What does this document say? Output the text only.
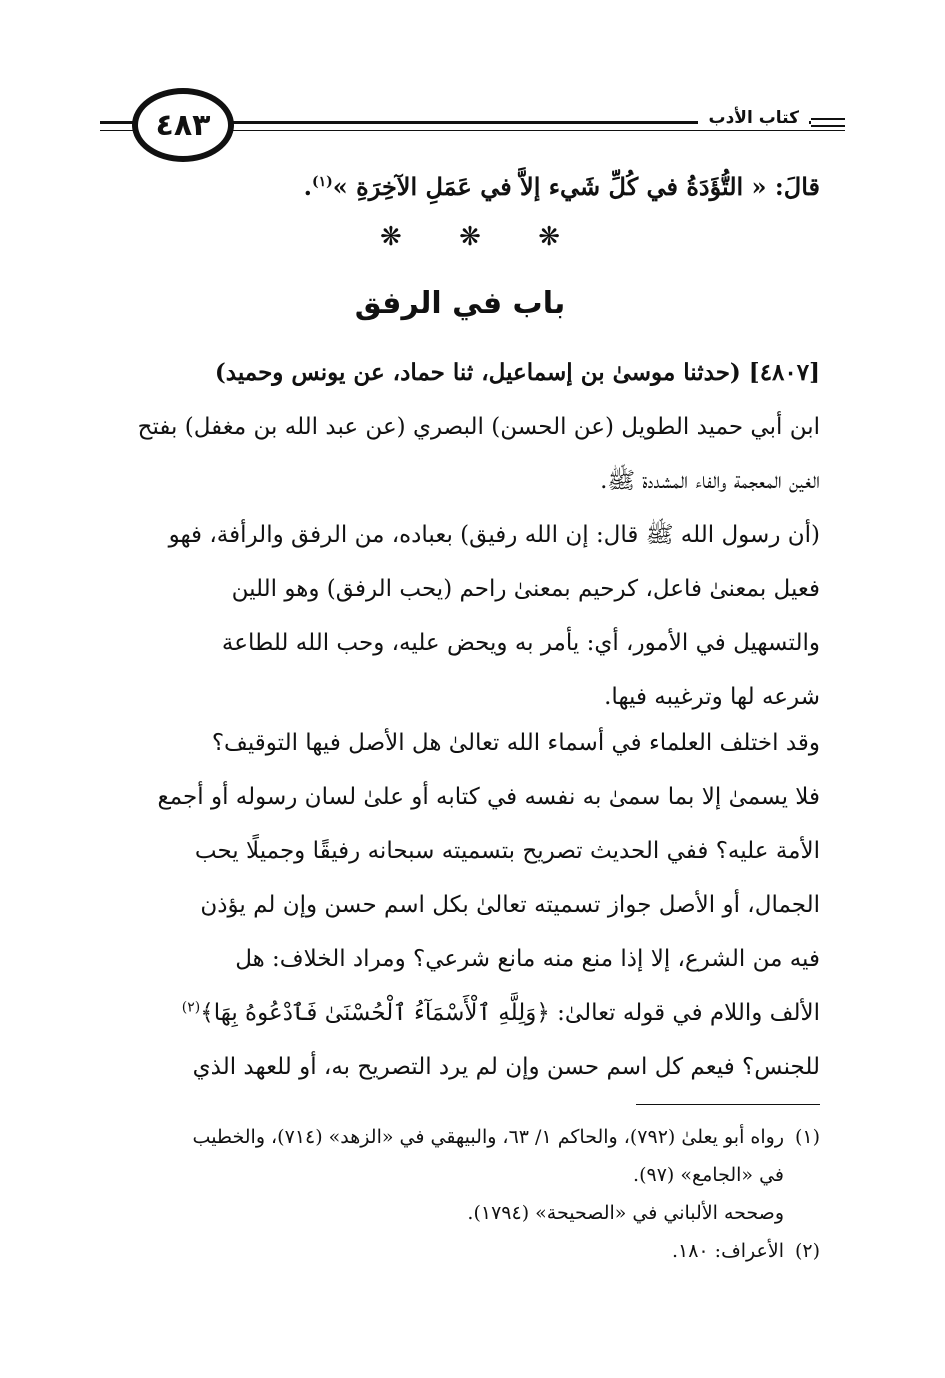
٤٨٣	كتاب الأدب
قالَ: « التُّؤَدَةُ في كُلِّ شَيء إلاَّ في عَمَلِ الآخِرَةِ »$^{(١)}$.
❋
❋
❋
باب في الرفق
[٤٨٠٧] (حدثنا موسىٰ بن إسماعيل، ثنا حماد، عن يونس وحميد)
ابن أبي حميد الطويل (عن الحسن) البصري (عن عبد الله بن مغفل) بفتح
الغين المعجمة والفاء المشددة ﷺ.
(أن رسول الله ﷺ قال: إن الله رفيق) بعباده، من الرفق والرأفة، فهو
فعيل بمعنىٰ فاعل، كرحيم بمعنىٰ راحم (يحب الرفق) وهو اللين
والتسهيل في الأمور، أي: يأمر به ويحض عليه، وحب الله للطاعة
شرعه لها وترغيبه فيها.
وقد اختلف العلماء في أسماء الله تعالىٰ هل الأصل فيها التوقيف؟
فلا يسمىٰ إلا بما سمىٰ به نفسه في كتابه أو علىٰ لسان رسوله أو أجمع
الأمة عليه؟ ففي الحديث تصريح بتسميته سبحانه رفيقًا وجميلًا يحب
الجمال، أو الأصل جواز تسميته تعالىٰ بكل اسم حسن وإن لم يؤذن
فيه من الشرع، إلا إذا منع منه مانع شرعي؟ ومراد الخلاف: هل
الألف واللام في قوله تعالىٰ: ﴿وَلِلَّهِ ٱلْأَسْمَآءُ ٱلْحُسْنَىٰ فَٱدْعُوهُ بِهَا﴾$^{(٢)}$
للجنس؟ فيعم كل اسم حسن وإن لم يرد التصريح به، أو للعهد الذي
(١)
رواه أبو يعلىٰ (٧٩٢)، والحاكم ١/ ٦٣، والبيهقي في «الزهد» (٧١٤)، والخطيب
في «الجامع» (٩٧).
وصححه الألباني في «الصحيحة» (١٧٩٤).
(٢)
الأعراف: ١٨٠.
